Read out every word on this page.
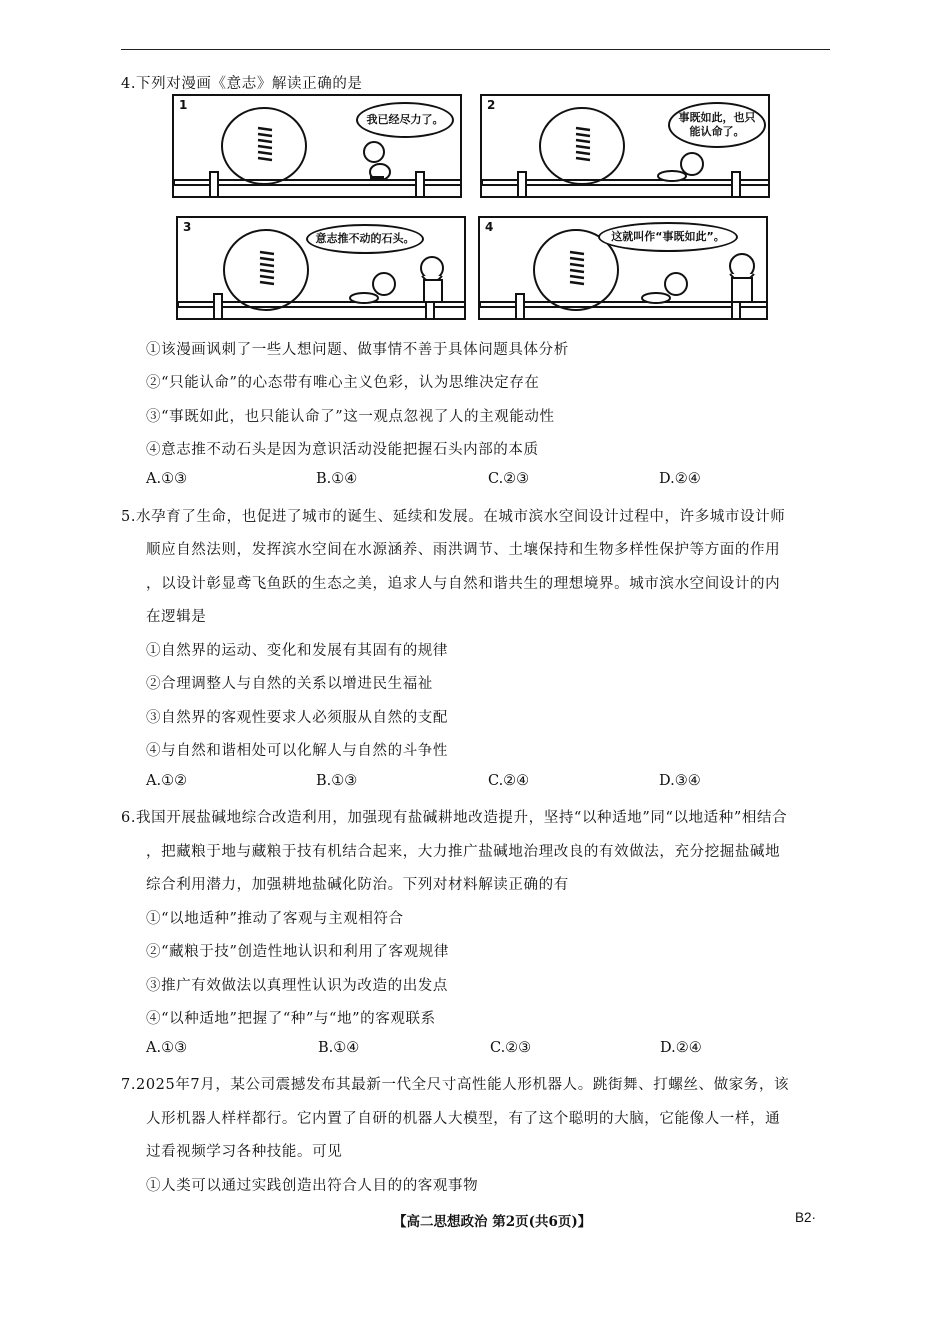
4.下列对漫画《意志》解读正确的是
1
我已经尽力了。
2
事既如此，也只能认命了。
3
意志推不动的石头。
4
这就叫作“事既如此”。
①该漫画讽刺了一些人想问题、做事情不善于具体问题具体分析
②“只能认命”的心态带有唯心主义色彩，认为思维决定存在
③“事既如此，也只能认命了”这一观点忽视了人的主观能动性
④意志推不动石头是因为意识活动没能把握石头内部的本质
A.①③	B.①④	C.②③	D.②④
5.水孕育了生命，也促进了城市的诞生、延续和发展。在城市滨水空间设计过程中，许多城市设计师
顺应自然法则，发挥滨水空间在水源涵养、雨洪调节、土壤保持和生物多样性保护等方面的作用
，以设计彰显鸢飞鱼跃的生态之美，追求人与自然和谐共生的理想境界。城市滨水空间设计的内
在逻辑是
①自然界的运动、变化和发展有其固有的规律
②合理调整人与自然的关系以增进民生福祉
③自然界的客观性要求人必须服从自然的支配
④与自然和谐相处可以化解人与自然的斗争性
A.①②	B.①③	C.②④	D.③④
6.我国开展盐碱地综合改造利用，加强现有盐碱耕地改造提升，坚持“以种适地”同“以地适种”相结合
，把藏粮于地与藏粮于技有机结合起来，大力推广盐碱地治理改良的有效做法，充分挖掘盐碱地
综合利用潜力，加强耕地盐碱化防治。下列对材料解读正确的有
①“以地适种”推动了客观与主观相符合
②“藏粮于技”创造性地认识和利用了客观规律
③推广有效做法以真理性认识为改造的出发点
④“以种适地”把握了“种”与“地”的客观联系
A.①③	B.①④	C.②③	D.②④
7.2025年7月，某公司震撼发布其最新一代全尺寸高性能人形机器人。跳街舞、打螺丝、做家务，该
人形机器人样样都行。它内置了自研的机器人大模型，有了这个聪明的大脑，它能像人一样，通
过看视频学习各种技能。可见
①人类可以通过实践创造出符合人目的的客观事物
【高二思想政治 第2页(共6页)】	B2·
